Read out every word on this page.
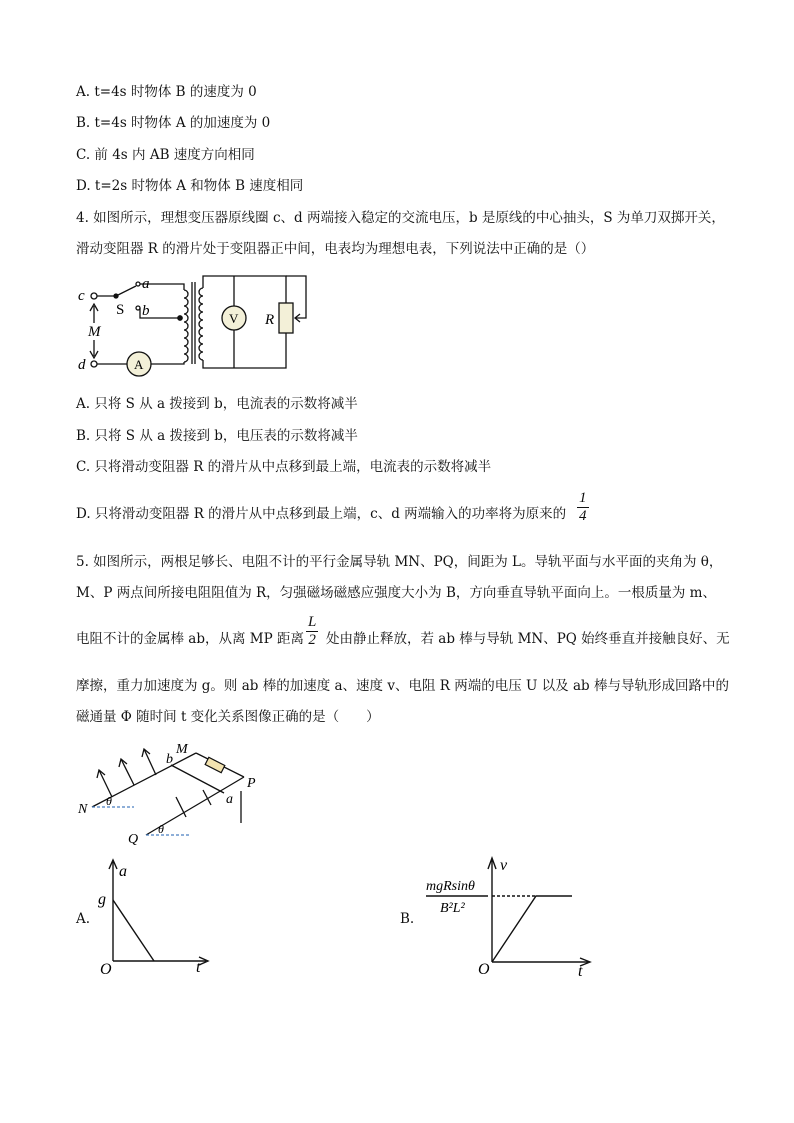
A. t=4s 时物体 B 的速度为 0
B. t=4s 时物体 A 的加速度为 0
C. 前 4s 内 AB 速度方向相同
D. t=2s 时物体 A 和物体 B 速度相同
4. 如图所示，理想变压器原线圈 c、d 两端接入稳定的交流电压，b 是原线的中心抽头，S 为单刀双掷开关，
滑动变阻器 R 的滑片处于变阻器正中间，电表均为理想电表，下列说法中正确的是（）
c
a
S b
M
d	A
V R
A. 只将 S 从 a 拨接到 b，电流表的示数将减半
B. 只将 S 从 a 拨接到 b，电压表的示数将减半
C. 只将滑动变阻器 R 的滑片从中点移到最上端，电流表的示数将减半
D. 只将滑动变阻器 R 的滑片从中点移到最上端，c、d 两端输入的功率将为原来的 $\frac{1}{4}$
5. 如图所示，两根足够长、电阻不计的平行金属导轨 MN、PQ，间距为 L。导轨平面与水平面的夹角为 θ，
M、P 两点间所接电阻阻值为 R，匀强磁场磁感应强度大小为 B，方向垂直导轨平面向上。一根质量为 m、
电阻不计的金属棒 ab，从离 MP 距离 $\frac{L}{2}$ 处由静止释放，若 ab 棒与导轨 MN、PQ 始终垂直并接触良好、无
摩擦，重力加速度为 g。则 ab 棒的加速度 a、速度 v、电阻 R 两端的电压 U 以及 ab 棒与导轨形成回路中的
磁通量 Φ 随时间 t 变化关系图像正确的是（　　）
M
b
N
θ
P
a
Q
θ
A.
a
t
O
g
B.
v
t
O
mgRsinθ
B²L²
